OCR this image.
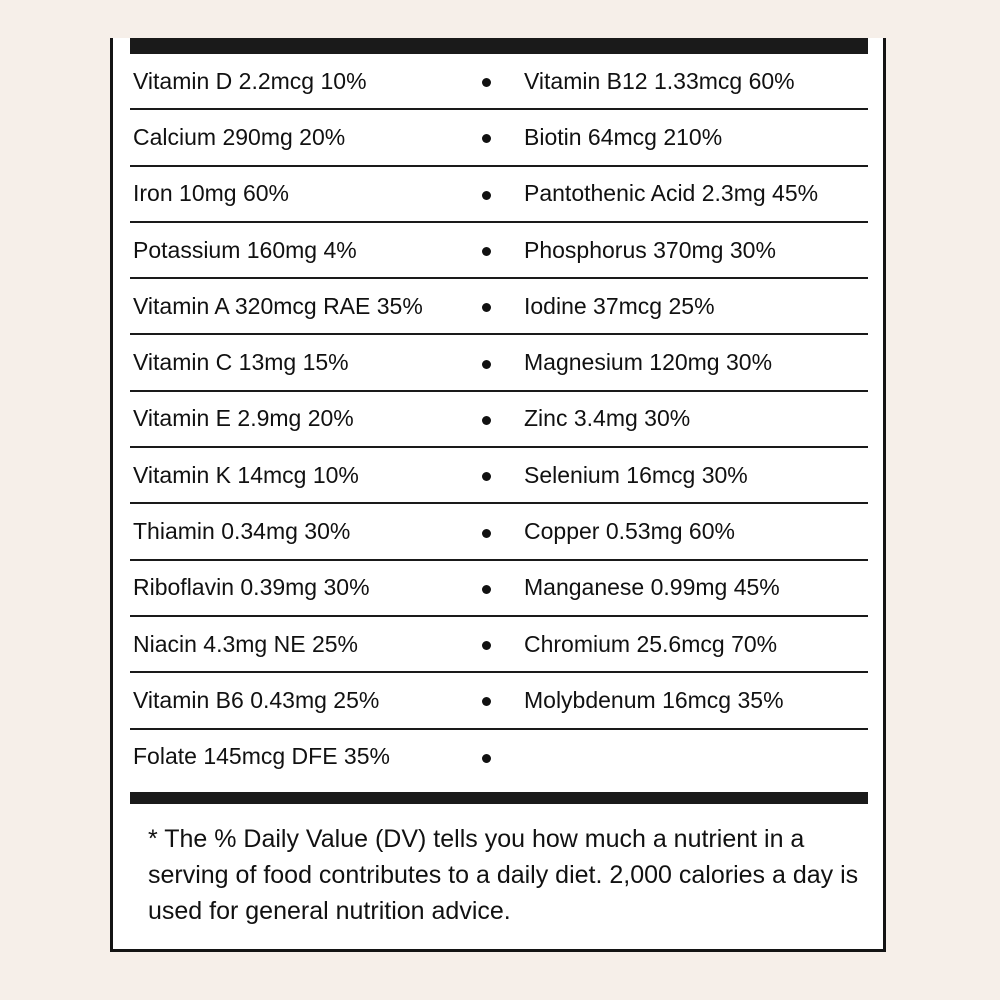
Vitamin D 2.2mcg 10%	Vitamin B12 1.33mcg 60%
Calcium 290mg 20%	Biotin 64mcg 210%
Iron 10mg 60%	Pantothenic Acid 2.3mg 45%
Potassium 160mg 4%	Phosphorus 370mg 30%
Vitamin A 320mcg RAE 35%	Iodine 37mcg 25%
Vitamin C 13mg 15%	Magnesium 120mg 30%
Vitamin E 2.9mg 20%	Zinc 3.4mg 30%
Vitamin K 14mcg 10%	Selenium 16mcg 30%
Thiamin 0.34mg 30%	Copper 0.53mg 60%
Riboflavin 0.39mg 30%	Manganese 0.99mg 45%
Niacin 4.3mg NE 25%	Chromium 25.6mcg 70%
Vitamin B6 0.43mg 25%	Molybdenum 16mcg 35%
Folate 145mcg DFE 35%
* The % Daily Value (DV) tells you how much a nutrient in a serving of food contributes to a daily diet. 2,000 calories a day is used for general nutrition advice.
